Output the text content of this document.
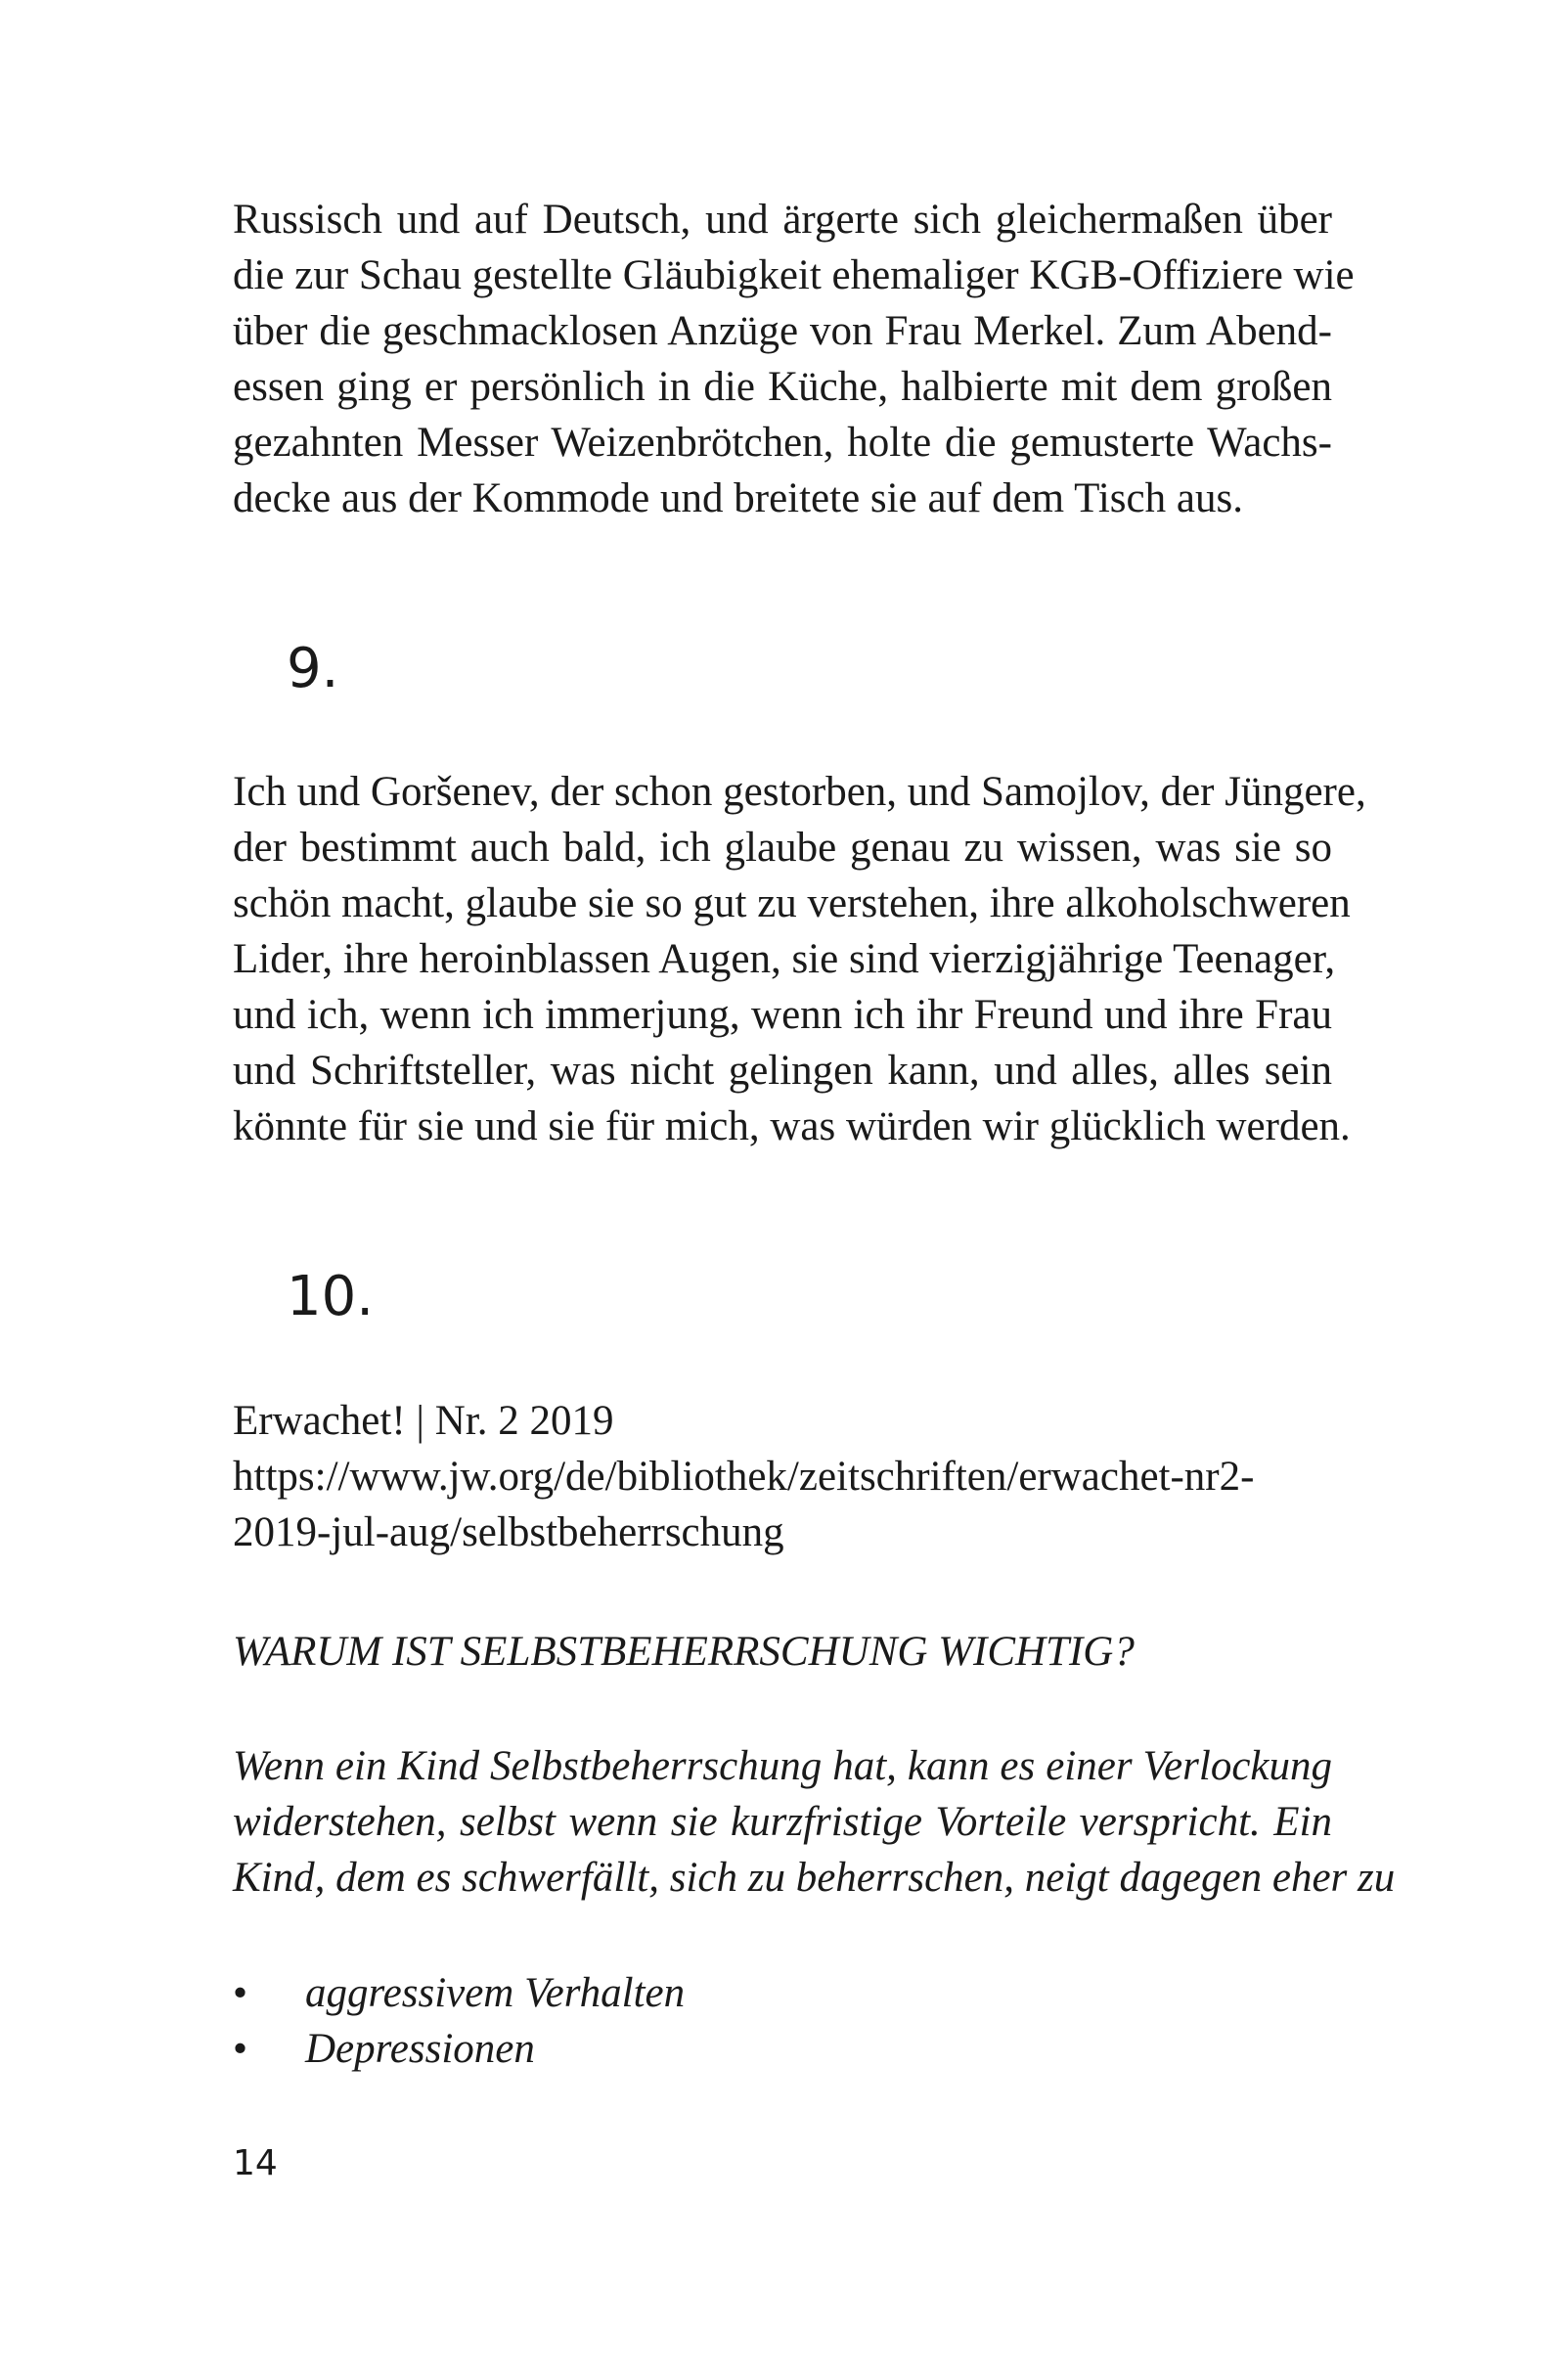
Russisch und auf Deutsch, und ärgerte sich gleichermaßen über
die zur Schau gestellte Gläubigkeit ehemaliger KGB-Offiziere wie
über die geschmacklosen Anzüge von Frau Merkel. Zum Abend-
essen ging er persönlich in die Küche, halbierte mit dem großen
gezahnten Messer Weizenbrötchen, holte die gemusterte Wachs-
decke aus der Kommode und breitete sie auf dem Tisch aus.
9.
Ich und Goršenev, der schon gestorben, und Samojlov, der Jüngere,
der bestimmt auch bald, ich glaube genau zu wissen, was sie so
schön macht, glaube sie so gut zu verstehen, ihre alkoholschweren
Lider, ihre heroinblassen Augen, sie sind vierzigjährige Teenager,
und ich, wenn ich immerjung, wenn ich ihr Freund und ihre Frau
und Schriftsteller, was nicht gelingen kann, und alles, alles sein
könnte für sie und sie für mich, was würden wir glücklich werden.
10.
Erwachet! | Nr. 2 2019
https://www.jw.org/de/bibliothek/zeitschriften/erwachet-nr2-
2019-jul-aug/selbstbeherrschung
WARUM IST SELBSTBEHERRSCHUNG WICHTIG?
Wenn ein Kind Selbstbeherrschung hat, kann es einer Verlockung
widerstehen, selbst wenn sie kurzfristige Vorteile verspricht. Ein
Kind, dem es schwerfällt, sich zu beherrschen, neigt dagegen eher zu
•	aggressivem Verhalten
•	Depressionen
14
